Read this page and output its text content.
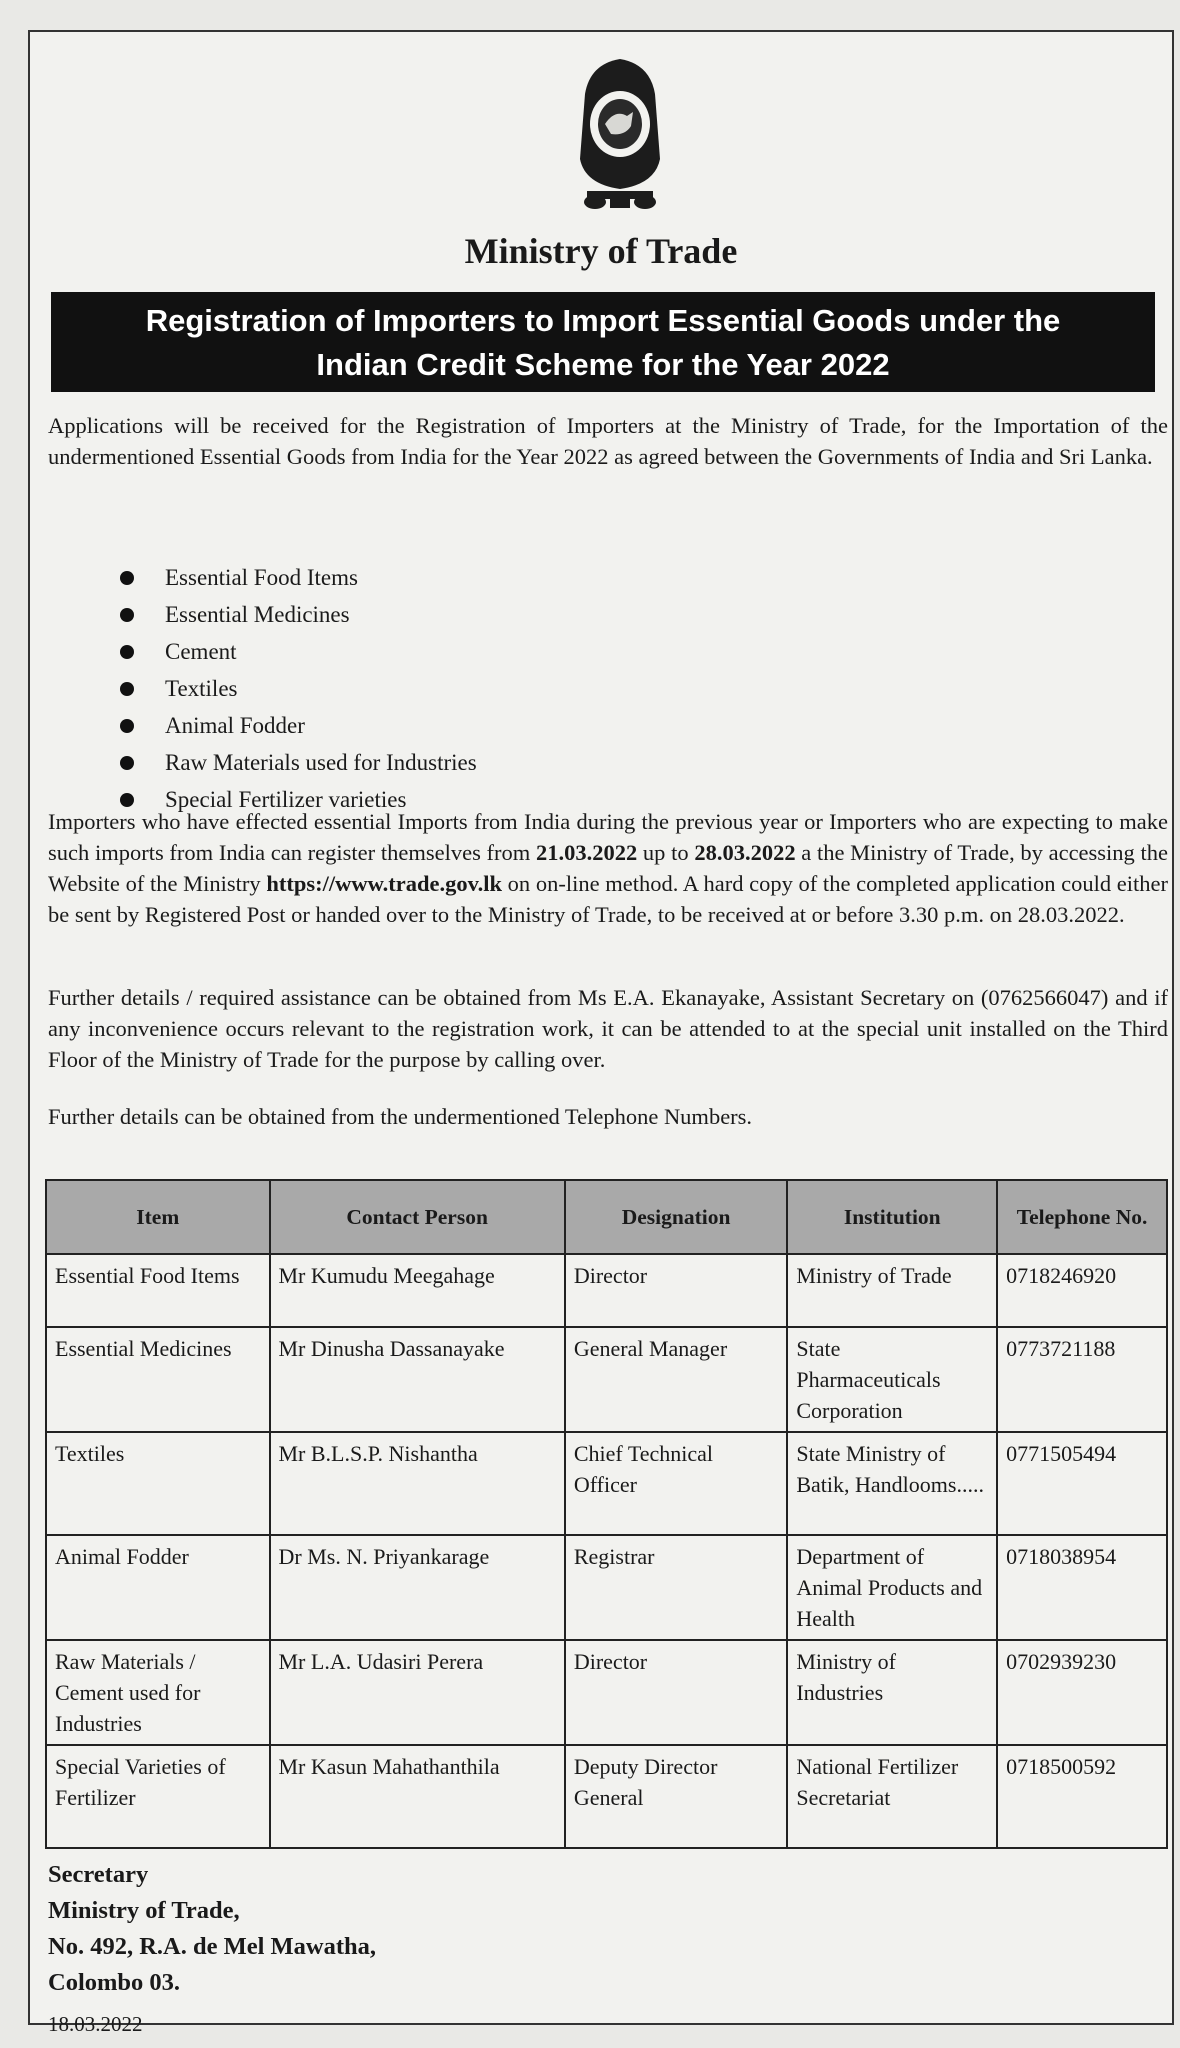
Ministry of Trade
Registration of Importers to Import Essential Goods under the
Indian Credit Scheme for the Year 2022
Applications will be received for the Registration of Importers at the Ministry of Trade, for the Importation of the undermentioned Essential Goods from India for the Year 2022 as agreed between the Governments of India and Sri Lanka.
Essential Food Items
Essential Medicines
Cement
Textiles
Animal Fodder
Raw Materials used for Industries
Special Fertilizer varieties
Importers who have effected essential Imports from India during the previous year or Importers who are expecting to make such imports from India can register themselves from 21.03.2022 up to 28.03.2022 a the Ministry of Trade, by accessing the Website of the Ministry https://www.trade.gov.lk on on-line method. A hard copy of the completed application could either be sent by Registered Post or handed over to the Ministry of Trade, to be received at or before 3.30 p.m. on 28.03.2022.
Further details / required assistance can be obtained from Ms E.A. Ekanayake, Assistant Secretary on (0762566047) and if any inconvenience occurs relevant to the registration work, it can be attended to at the special unit installed on the Third Floor of the Ministry of Trade for the purpose by calling over.
Further details can be obtained from the undermentioned Telephone Numbers.
Item	Contact Person	Designation	Institution	Telephone No.
Essential Food Items	Mr Kumudu Meegahage	Director	Ministry of Trade	0718246920
Essential Medicines	Mr Dinusha Dassanayake	General Manager	State Pharmaceuticals Corporation	0773721188
Textiles	Mr B.L.S.P. Nishantha	Chief Technical Officer	State Ministry of Batik, Handlooms.....	0771505494
Animal Fodder	Dr Ms. N. Priyankarage	Registrar	Department of Animal Products and Health	0718038954
Raw Materials / Cement used for Industries	Mr L.A. Udasiri Perera	Director	Ministry of Industries	0702939230
Special Varieties of Fertilizer	Mr Kasun Mahathanthila	Deputy Director General	National Fertilizer Secretariat	0718500592
Secretary
Ministry of Trade,
No. 492, R.A. de Mel Mawatha,
Colombo 03.
18.03.2022
